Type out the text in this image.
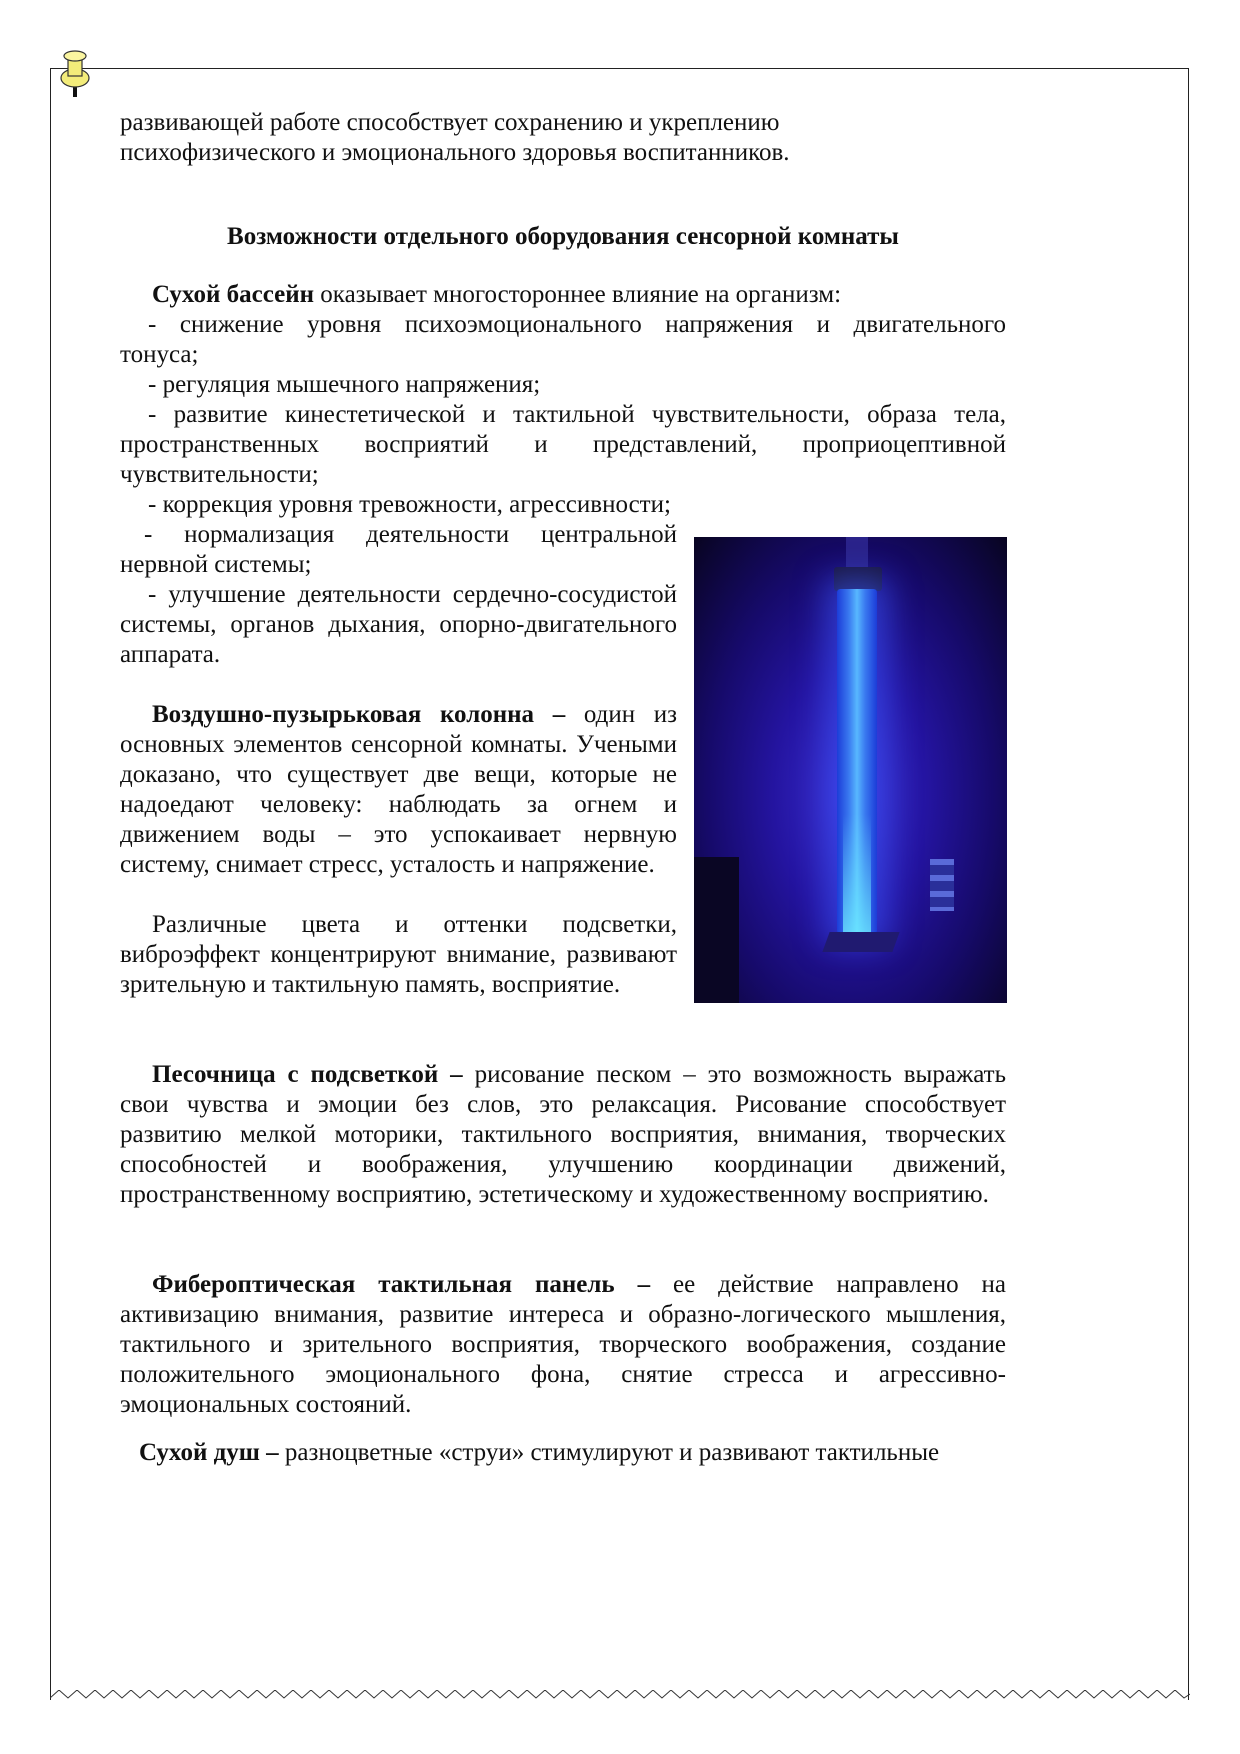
развивающей работе способствует сохранению и укреплению
психофизического и эмоционального здоровья воспитанников.
Возможности отдельного оборудования сенсорной комнаты
Сухой бассейн оказывает многостороннее влияние на организм:
- снижение уровня психоэмоционального напряжения и двигательного тонуса;
- регуляция мышечного напряжения;
- развитие кинестетической и тактильной чувствительности, образа тела, пространственных восприятий и представлений, проприоцептивной чувствительности;
- коррекция уровня тревожности, агрессивности;
- нормализация деятельности центральной нервной системы;
- улучшение деятельности сердечно-сосудистой системы, органов дыхания, опорно-двигательного аппарата.
Воздушно-пузырьковая колонна – один из основных элементов сенсорной комнаты. Учеными доказано, что существует две вещи, которые не надоедают человеку: наблюдать за огнем и движением воды – это успокаивает нервную систему, снимает стресс, усталость и напряжение.
Различные цвета и оттенки подсветки, виброэффект концентрируют внимание, развивают зрительную и тактильную память, восприятие.
Песочница с подсветкой – рисование песком – это возможность выражать свои чувства и эмоции без слов, это релаксация. Рисование способствует развитию мелкой моторики, тактильного восприятия, внимания, творческих способностей и воображения, улучшению координации движений, пространственному восприятию, эстетическому и художественному восприятию.
Фибероптическая тактильная панель – ее действие направлено на активизацию внимания, развитие интереса и образно-логического мышления, тактильного и зрительного восприятия, творческого воображения, создание положительного эмоционального фона, снятие стресса и агрессивно-эмоциональных состояний.
Сухой душ – разноцветные «струи» стимулируют и развивают тактильные
